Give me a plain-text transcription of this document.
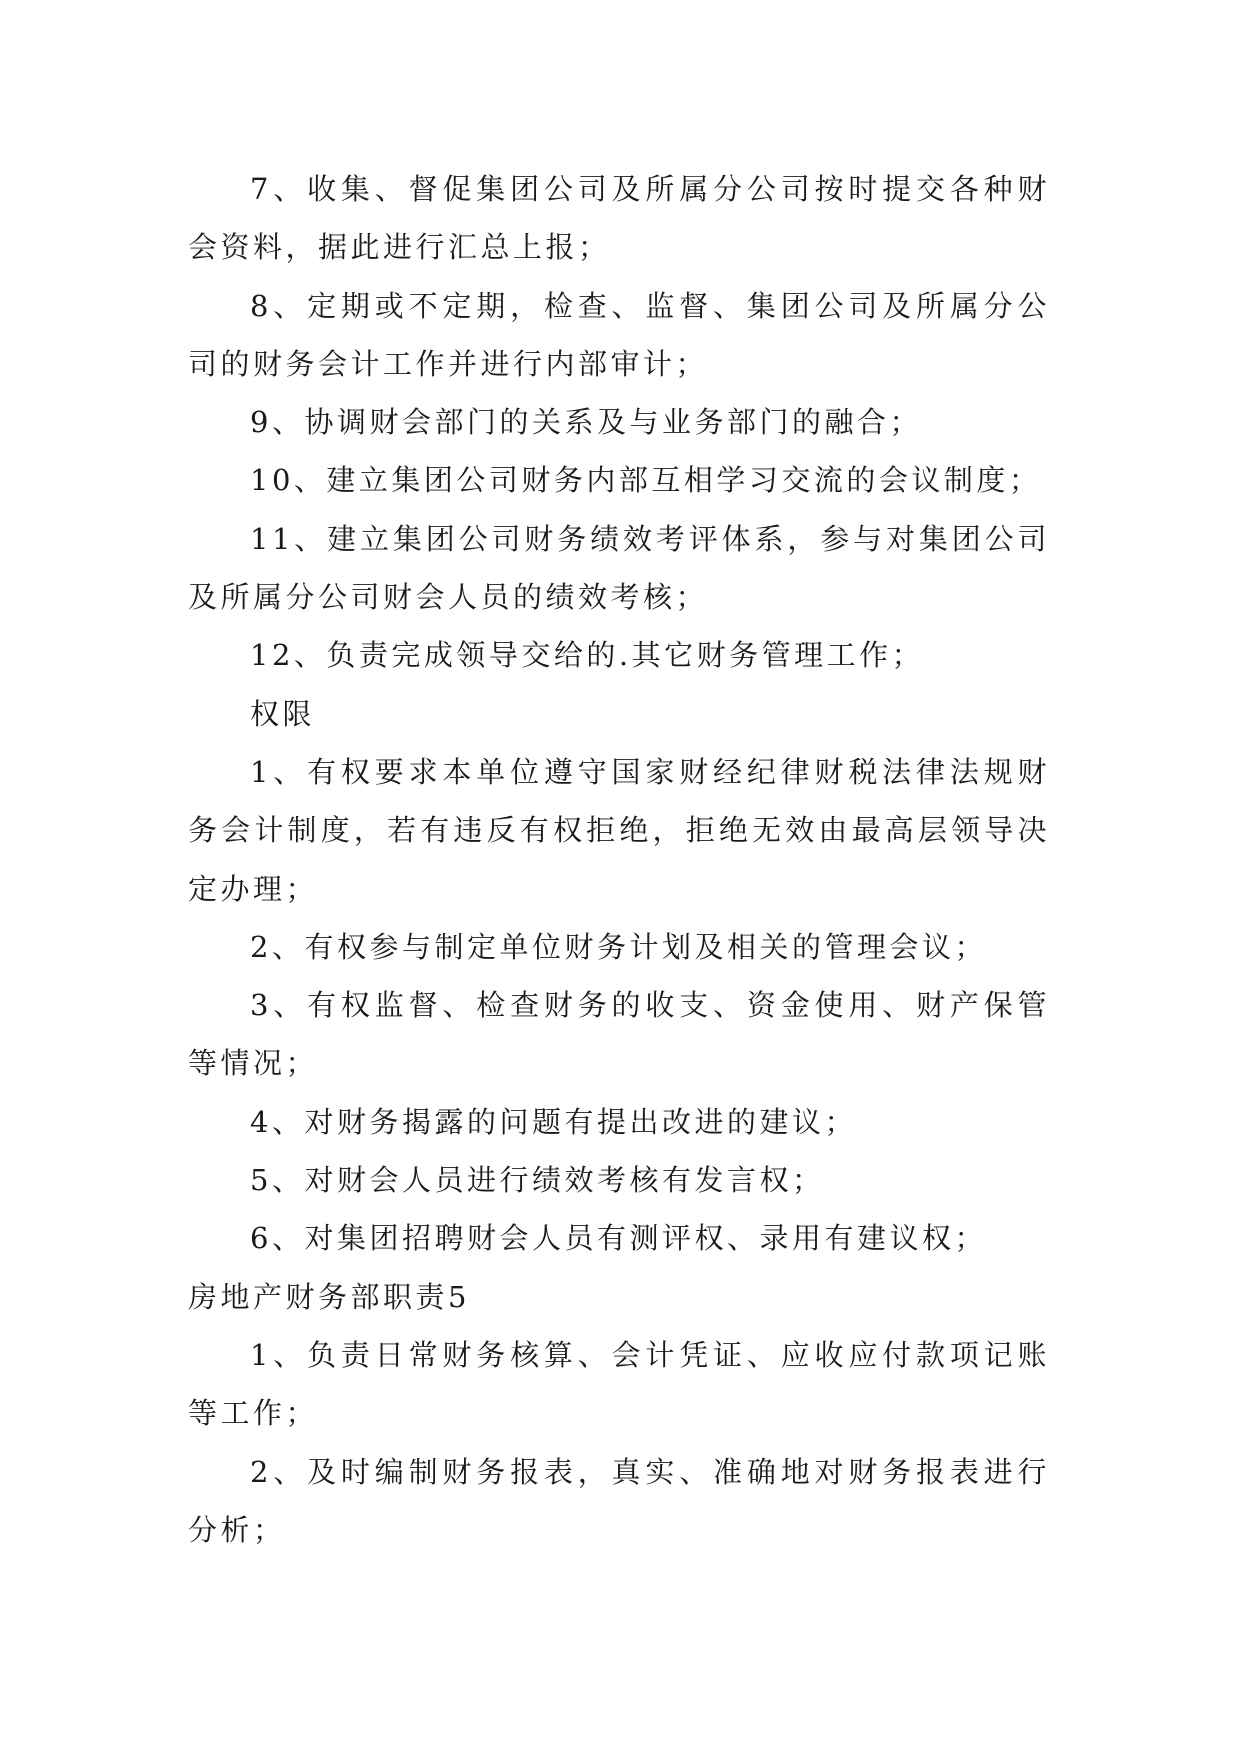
7、收集、督促集团公司及所属分公司按时提交各种财会资料，据此进行汇总上报；

8、定期或不定期，检查、监督、集团公司及所属分公司的财务会计工作并进行内部审计；

9、协调财会部门的关系及与业务部门的融合；

10、建立集团公司财务内部互相学习交流的会议制度；

11、建立集团公司财务绩效考评体系，参与对集团公司及所属分公司财会人员的绩效考核；

12、负责完成领导交给的.其它财务管理工作；

权限

1、有权要求本单位遵守国家财经纪律财税法律法规财务会计制度，若有违反有权拒绝，拒绝无效由最高层领导决定办理；

2、有权参与制定单位财务计划及相关的管理会议；

3、有权监督、检查财务的收支、资金使用、财产保管等情况；

4、对财务揭露的问题有提出改进的建议；

5、对财会人员进行绩效考核有发言权；

6、对集团招聘财会人员有测评权、录用有建议权；

房地产财务部职责5

1、负责日常财务核算、会计凭证、应收应付款项记账等工作；

2、及时编制财务报表，真实、准确地对财务报表进行分析；
